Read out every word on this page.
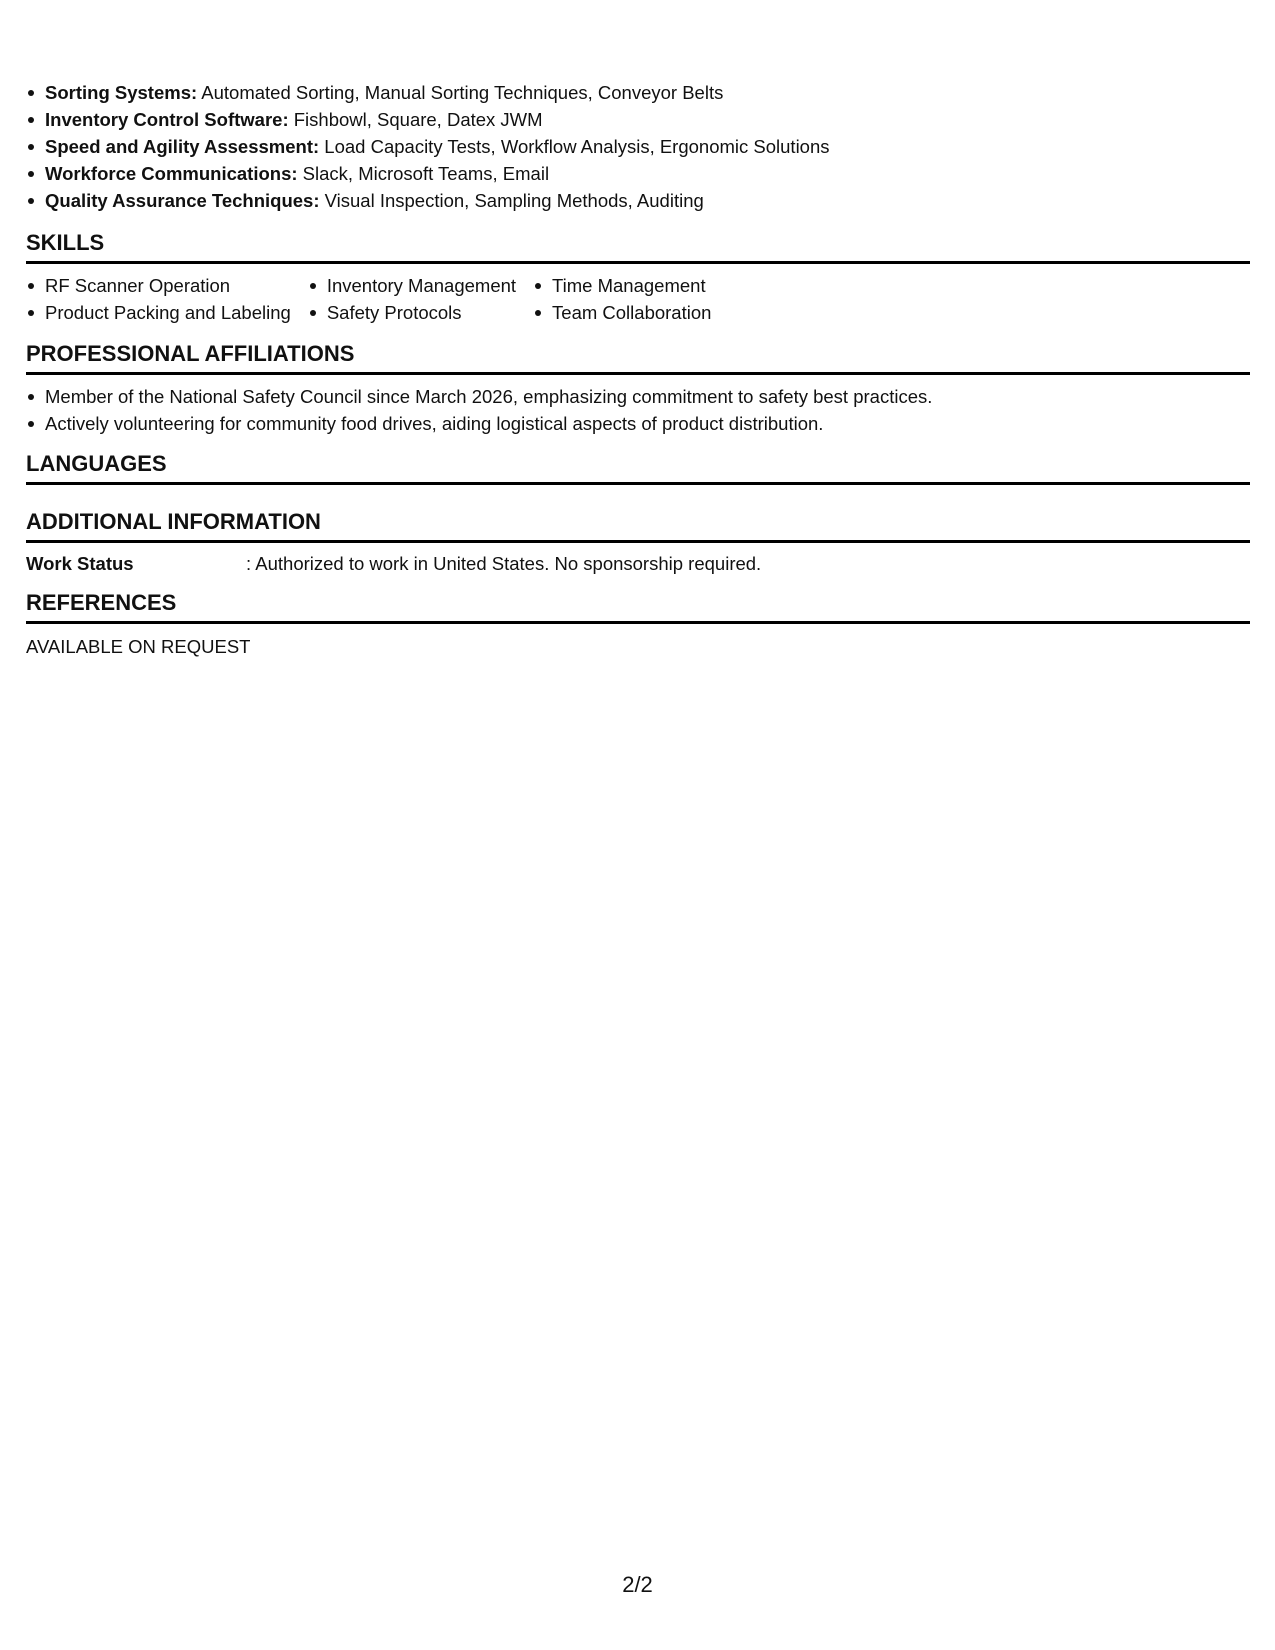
Sorting Systems: Automated Sorting, Manual Sorting Techniques, Conveyor Belts
Inventory Control Software: Fishbowl, Square, Datex JWM
Speed and Agility Assessment: Load Capacity Tests, Workflow Analysis, Ergonomic Solutions
Workforce Communications: Slack, Microsoft Teams, Email
Quality Assurance Techniques: Visual Inspection, Sampling Methods, Auditing
SKILLS
RF Scanner Operation
Product Packing and Labeling
Inventory Management
Safety Protocols
Time Management
Team Collaboration
PROFESSIONAL AFFILIATIONS
Member of the National Safety Council since March 2026, emphasizing commitment to safety best practices.
Actively volunteering for community food drives, aiding logistical aspects of product distribution.
LANGUAGES
ADDITIONAL INFORMATION
Work Status	: Authorized to work in United States. No sponsorship required.
REFERENCES
AVAILABLE ON REQUEST
2/2
